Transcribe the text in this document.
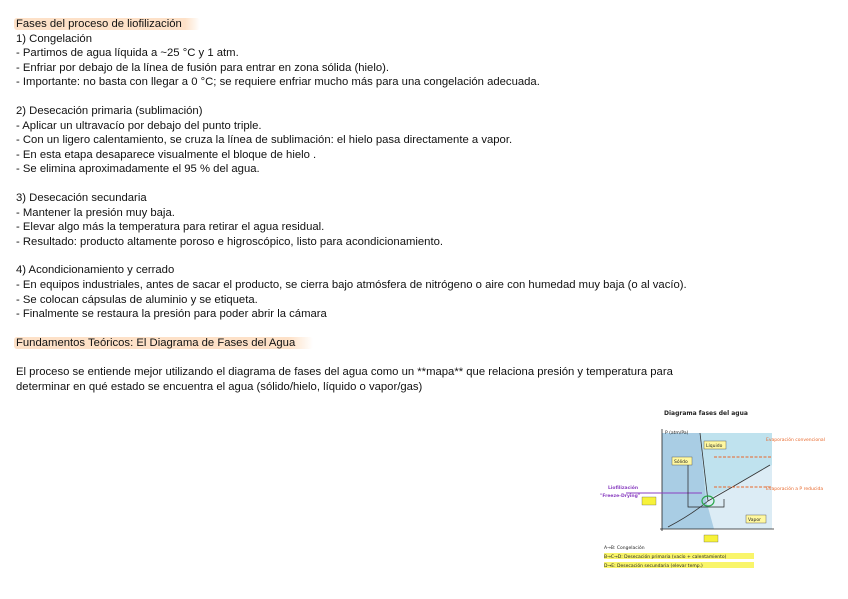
Fases del proceso de liofilización

1) Congelación

- Partimos de agua líquida a ~25 °C y 1 atm.

- Enfriar por debajo de la línea de fusión para entrar en zona sólida (hielo).

- Importante: no basta con llegar a 0 °C; se requiere enfriar mucho más para una congelación adecuada.

2) Desecación primaria (sublimación)

- Aplicar un ultravacío por debajo del punto triple.

- Con un ligero calentamiento, se cruza la línea de sublimación: el hielo pasa directamente a vapor.

- En esta etapa desaparece visualmente el bloque de hielo .

- Se elimina aproximadamente el 95 % del agua.

3) Desecación secundaria

- Mantener la presión muy baja.

- Elevar algo más la temperatura para retirar el agua residual.

- Resultado: producto altamente poroso e higroscópico, listo para acondicionamiento.

4) Acondicionamiento y cerrado

- En equipos industriales, antes de sacar el producto, se cierra bajo atmósfera de nitrógeno o aire con humedad muy baja (o al vacío).

- Se colocan cápsulas de aluminio y se etiqueta.

- Finalmente se restaura la presión para poder abrir la cámara

Fundamentos Teóricos: El Diagrama de Fases del Agua

El proceso se entiende mejor utilizando el diagrama de fases del agua como un **mapa** que relaciona presión y temperatura para

determinar en qué estado se encuentra el agua (sólido/hielo, líquido o vapor/gas)

Diagrama fases del agua
P (atm/Pa)
Líquido
Sólido
Vapor
Evaporación convencional
Evaporación a P reducida
Liofilización
"Freeze-Drying"
A→B: Congelación
B→C→D: Desecación primaria (vacío + calentamiento)
D→E: Desecación secundaria (elevar temp.)
